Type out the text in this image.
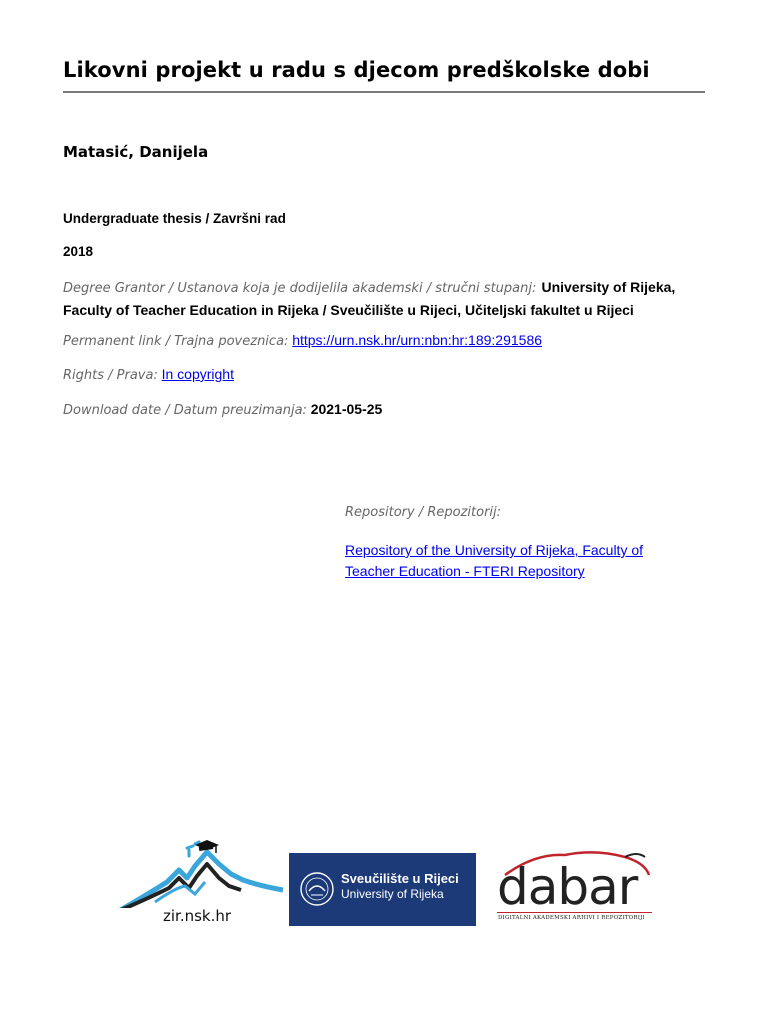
Likovni projekt u radu s djecom predškolske dobi
Matasić, Danijela
Undergraduate thesis / Završni rad
2018
Degree Grantor / Ustanova koja je dodijelila akademski / stručni stupanj: University of Rijeka, Faculty of Teacher Education in Rijeka / Sveučilište u Rijeci, Učiteljski fakultet u Rijeci
Permanent link / Trajna poveznica: https://urn.nsk.hr/urn:nbn:hr:189:291586
Rights / Prava: In copyright
Download date / Datum preuzimanja: 2021-05-25
Repository / Repozitorij:
Repository of the University of Rijeka, Faculty of Teacher Education - FTERI Repository
zir.nsk.hr
Sveučilište u Rijeci
University of Rijeka dabar
DIGITALNI AKADEMSKI ARHIVI I REPOZITORIJI
